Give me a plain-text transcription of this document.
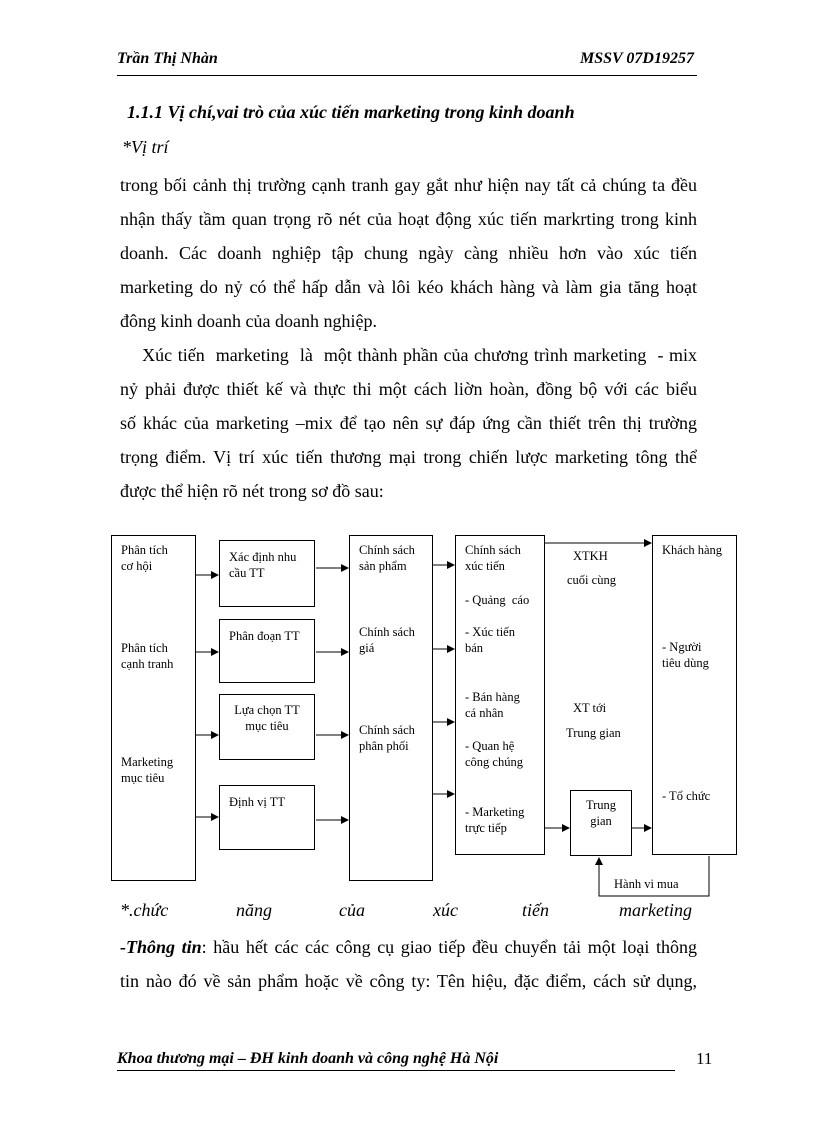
Trần Thị Nhàn	MSSV 07D19257
1.1.1 Vị chí,vai trò của xúc tiến marketing trong kinh doanh
*Vị trí
trong bối cảnh thị trường cạnh tranh gay gắt như hiện nay tất cả chúng ta đều
nhận thấy tầm quan trọng rõ nét của hoạt động xúc tiến markrting trong kinh
doanh. Các doanh nghiệp tập chung ngày càng nhiều hơn vào xúc tiến
marketing do nỷ có thể hấp dẫn và lôi kéo khách hàng và làm gia tăng hoạt
đông kinh doanh của doanh nghiệp.
Xúc tiến  marketing  là  một thành phần của chương trình marketing  - mix
nỷ phải được thiết kế và thực thi một cách liờn hoàn, đồng bộ với các biểu
số khác của marketing –mix để tạo nên sự đáp ứng cần thiết trên thị trường
trọng điểm. Vị trí xúc tiến thương mại trong chiến lược marketing tông thể
được thể hiện rõ nét trong sơ đồ sau:
Phân tích
cơ hội
Phân tích
cạnh tranh
Marketing
mục tiêu
Xác định nhu
cầu TT
Phân đoạn TT
Lựa chọn TT
mục tiêu
Định vị TT
Chính sách
sản phẩm
Chính sách
giá
Chính sách
phân phối
Chính sách
xúc tiến
- Quảng  cáo
- Xúc tiến
bán
- Bán hàng
cá nhân
- Quan hệ
công chúng
- Marketing
trực tiếp
XTKH
cuối cùng
XT tới
Trung gian
Trung
gian
Hành vi mua
Khách hàng
- Người
tiêu dùng
- Tổ chức
*.chức	năng	của	xúc	tiến	marketing
-Thông tin: hầu hết các các công cụ giao tiếp đều chuyển tải một loại thông
tin nào đó về sản phẩm hoặc về công ty: Tên hiệu, đặc điểm, cách sử dụng,
Khoa thương mại – ĐH kinh doanh và công nghệ Hà Nội	11
